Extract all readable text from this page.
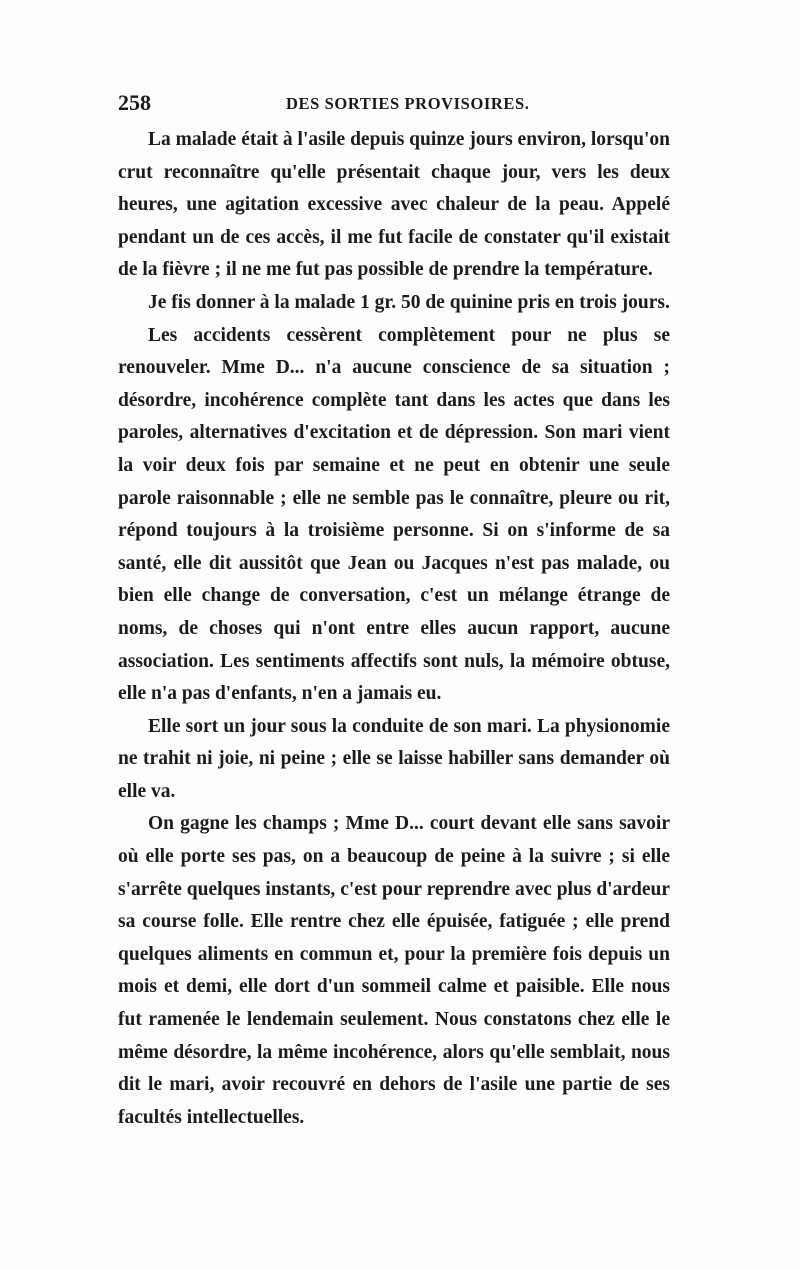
258	DES SORTIES PROVISOIRES.

La malade était à l'asile depuis quinze jours environ, lorsqu'on crut reconnaître qu'elle présentait chaque jour, vers les deux heures, une agitation excessive avec chaleur de la peau. Appelé pendant un de ces accès, il me fut facile de constater qu'il existait de la fièvre ; il ne me fut pas possible de prendre la température.

Je fis donner à la malade 1 gr. 50 de quinine pris en trois jours.

Les accidents cessèrent complètement pour ne plus se renouveler. Mme D... n'a aucune conscience de sa situation ; désordre, incohérence complète tant dans les actes que dans les paroles, alternatives d'excitation et de dépression. Son mari vient la voir deux fois par semaine et ne peut en obtenir une seule parole raisonnable ; elle ne semble pas le connaître, pleure ou rit, répond toujours à la troisième personne. Si on s'informe de sa santé, elle dit aussitôt que Jean ou Jacques n'est pas malade, ou bien elle change de conversation, c'est un mélange étrange de noms, de choses qui n'ont entre elles aucun rapport, aucune association. Les sentiments affectifs sont nuls, la mémoire obtuse, elle n'a pas d'enfants, n'en a jamais eu.

Elle sort un jour sous la conduite de son mari. La physionomie ne trahit ni joie, ni peine ; elle se laisse habiller sans demander où elle va.

On gagne les champs ; Mme D... court devant elle sans savoir où elle porte ses pas, on a beaucoup de peine à la suivre ; si elle s'arrête quelques instants, c'est pour reprendre avec plus d'ardeur sa course folle. Elle rentre chez elle épuisée, fatiguée ; elle prend quelques aliments en commun et, pour la première fois depuis un mois et demi, elle dort d'un sommeil calme et paisible. Elle nous fut ramenée le lendemain seulement. Nous constatons chez elle le même désordre, la même incohérence, alors qu'elle semblait, nous dit le mari, avoir recouvré en dehors de l'asile une partie de ses facultés intellectuelles.
